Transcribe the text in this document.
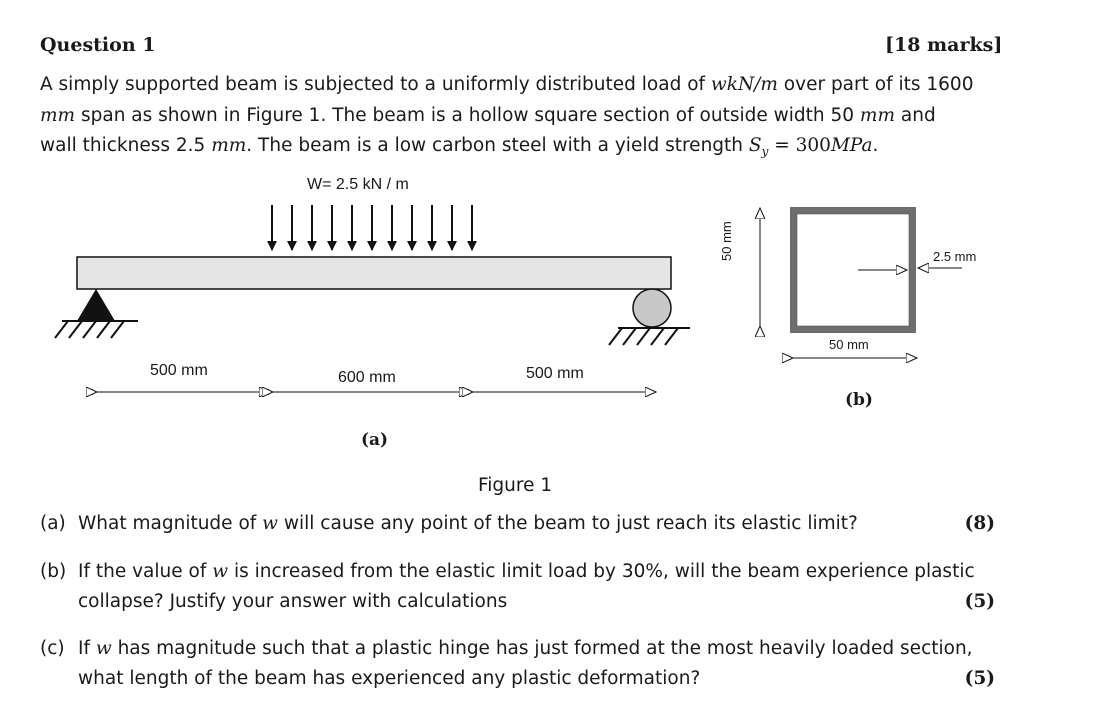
Question 1	[18 marks]
A simply supported beam is subjected to a uniformly distributed load of wkN/m over part of its 1600
mm span as shown in Figure 1. The beam is a hollow square section of outside width 50 mm and
wall thickness 2.5 mm. The beam is a low carbon steel with a yield strength $S_y = 300MPa$.
W= 2.5 kN / m
500 mm	600 mm	500 mm
(a)
50 mm
50 mm
2.5 mm
(b)
Figure 1
(a) What magnitude of w will cause any point of the beam to just reach its elastic limit?	(8)
(b) If the value of w is increased from the elastic limit load by 30%, will the beam experience plastic
collapse? Justify your answer with calculations	(5)
(c) If w has magnitude such that a plastic hinge has just formed at the most heavily loaded section,
what length of the beam has experienced any plastic deformation?	(5)
